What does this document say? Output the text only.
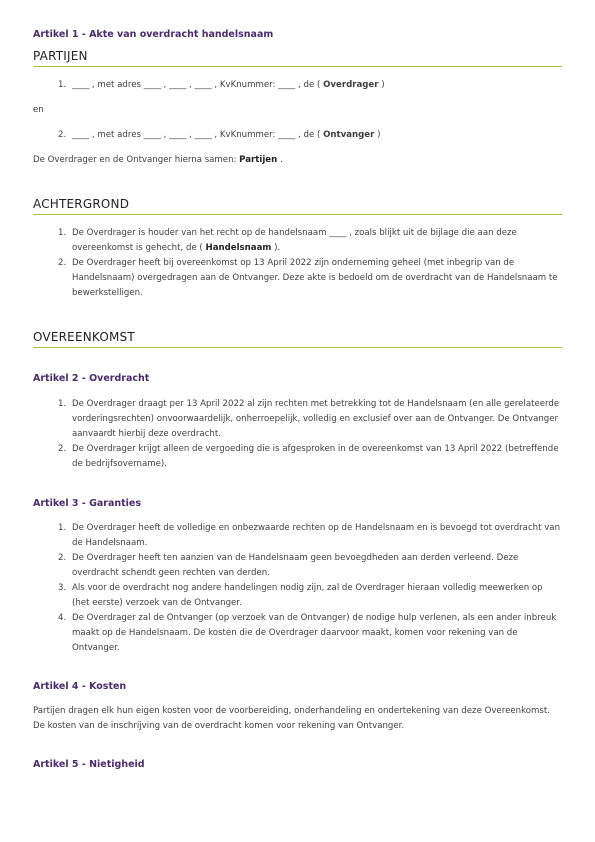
Artikel 1 - Akte van overdracht handelsnaam

PARTIJEN
1. ____ , met adres ____ , ____ , ____ , KvKnummer: ____ , de ( Overdrager )

en

2. ____ , met adres ____ , ____ , ____ , KvKnummer: ____ , de ( Ontvanger )

De Overdrager en de Ontvanger hierna samen: Partijen .

ACHTERGROND
1. De Overdrager is houder van het recht op de handelsnaam ____ , zoals blijkt uit de bijlage die aan deze overeenkomst is gehecht, de ( Handelsnaam ).
2. De Overdrager heeft bij overeenkomst op 13 April 2022 zijn onderneming geheel (met inbegrip van de Handelsnaam) overgedragen aan de Ontvanger. Deze akte is bedoeld om de overdracht van de Handelsnaam te bewerkstelligen.
OVEREENKOMST

Artikel 2 - Overdracht

1. De Overdrager draagt per 13 April 2022 al zijn rechten met betrekking tot de Handelsnaam (en alle gerelateerde vorderingsrechten) onvoorwaardelijk, onherroepelijk, volledig en exclusief over aan de Ontvanger. De Ontvanger aanvaardt hierbij deze overdracht.
2. De Overdrager krijgt alleen de vergoeding die is afgesproken in de overeenkomst van 13 April 2022 (betreffende de bedrijfsovername).

Artikel 3 - Garanties

1. De Overdrager heeft de volledige en onbezwaarde rechten op de Handelsnaam en is bevoegd tot overdracht van de Handelsnaam.
2. De Overdrager heeft ten aanzien van de Handelsnaam geen bevoegdheden aan derden verleend. Deze overdracht schendt geen rechten van derden.
3. Als voor de overdracht nog andere handelingen nodig zijn, zal de Overdrager hieraan volledig meewerken op (het eerste) verzoek van de Ontvanger.
4. De Overdrager zal de Ontvanger (op verzoek van de Ontvanger) de nodige hulp verlenen, als een ander inbreuk maakt op de Handelsnaam. De kosten die de Overdrager daarvoor maakt, komen voor rekening van de Ontvanger.

Artikel 4 - Kosten

Partijen dragen elk hun eigen kosten voor de voorbereiding, onderhandeling en ondertekening van deze Overeenkomst. De kosten van de inschrijving van de overdracht komen voor rekening van Ontvanger.

Artikel 5 - Nietigheid
